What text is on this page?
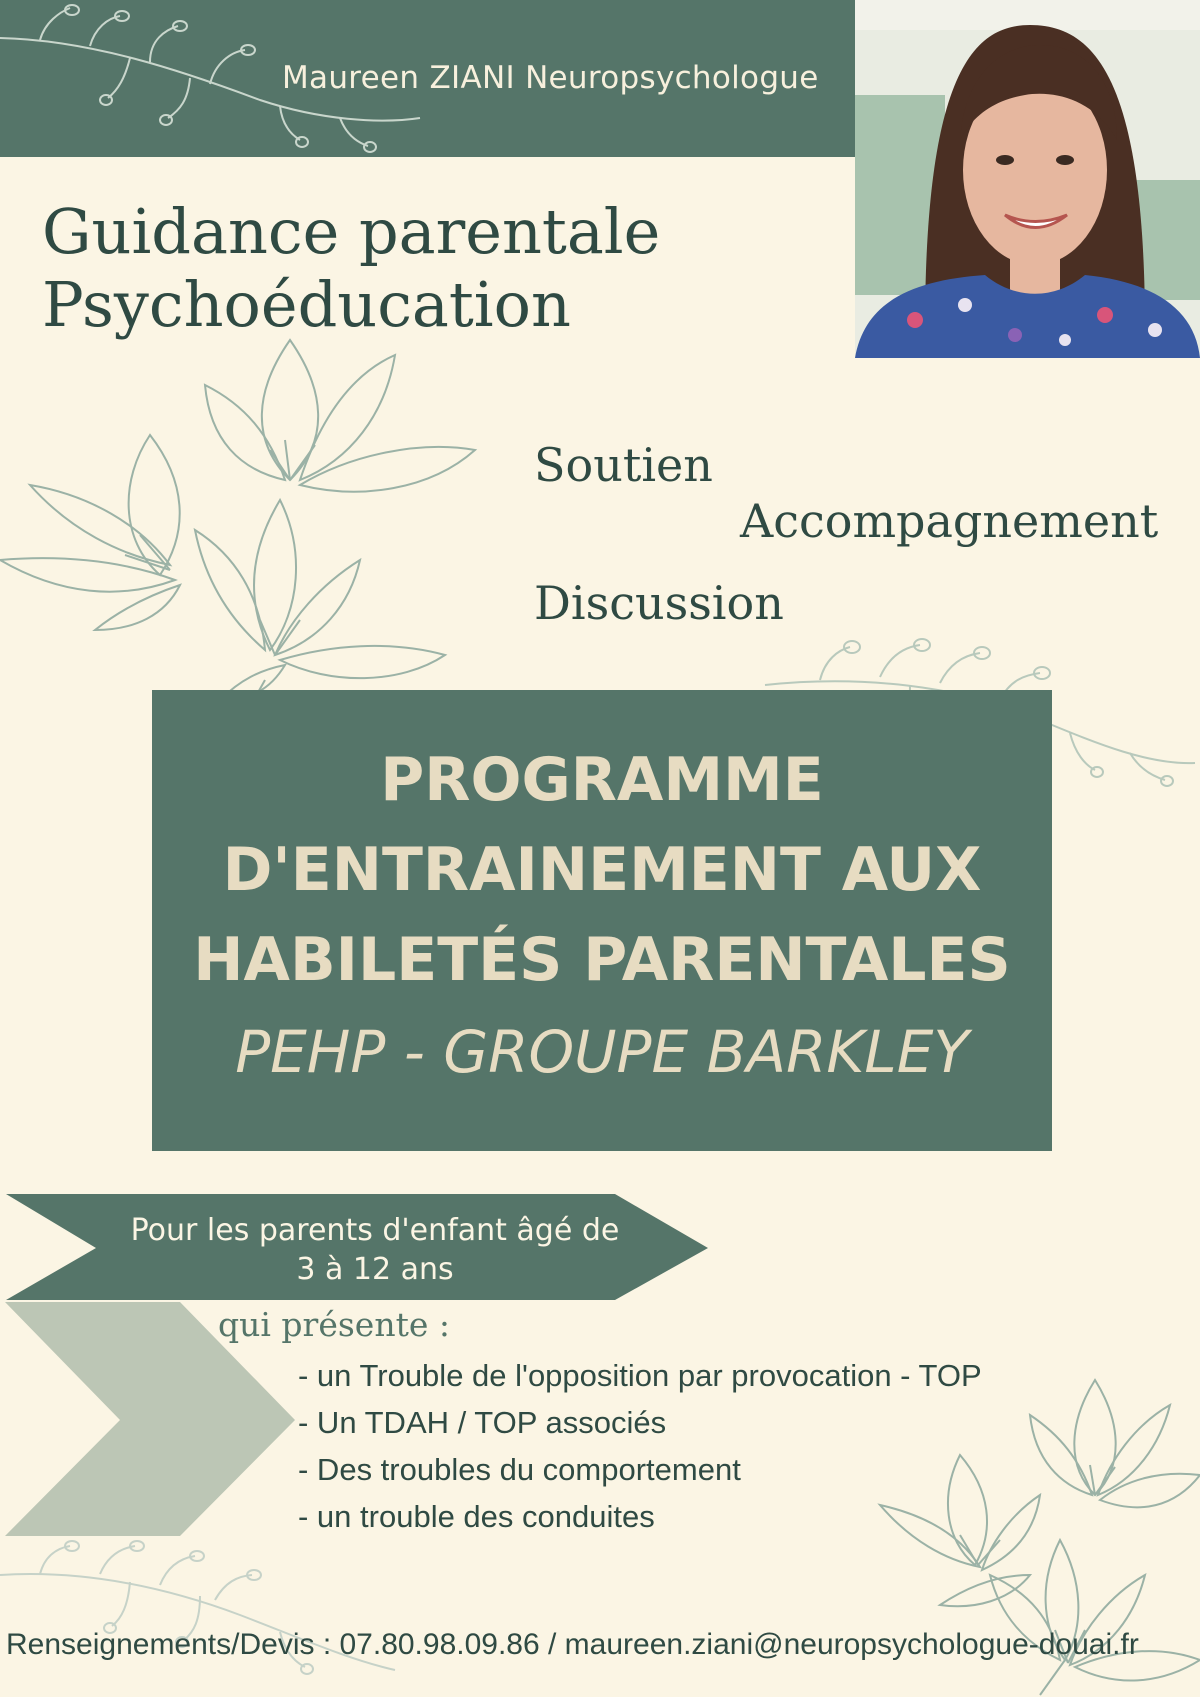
Maureen ZIANI Neuropsychologue
Guidance parentale
Psychoéducation
Soutien
Accompagnement
Discussion
PROGRAMME
D'ENTRAINEMENT AUX
HABILETÉS PARENTALES
PEHP - GROUPE BARKLEY
Pour les parents d'enfant âgé de
3 à 12 ans
qui présente :
- un Trouble de l'opposition par provocation - TOP
- Un TDAH / TOP associés
- Des troubles du comportement
- un trouble des conduites
Renseignements/Devis : 07.80.98.09.86 / maureen.ziani@neuropsychologue-douai.fr
